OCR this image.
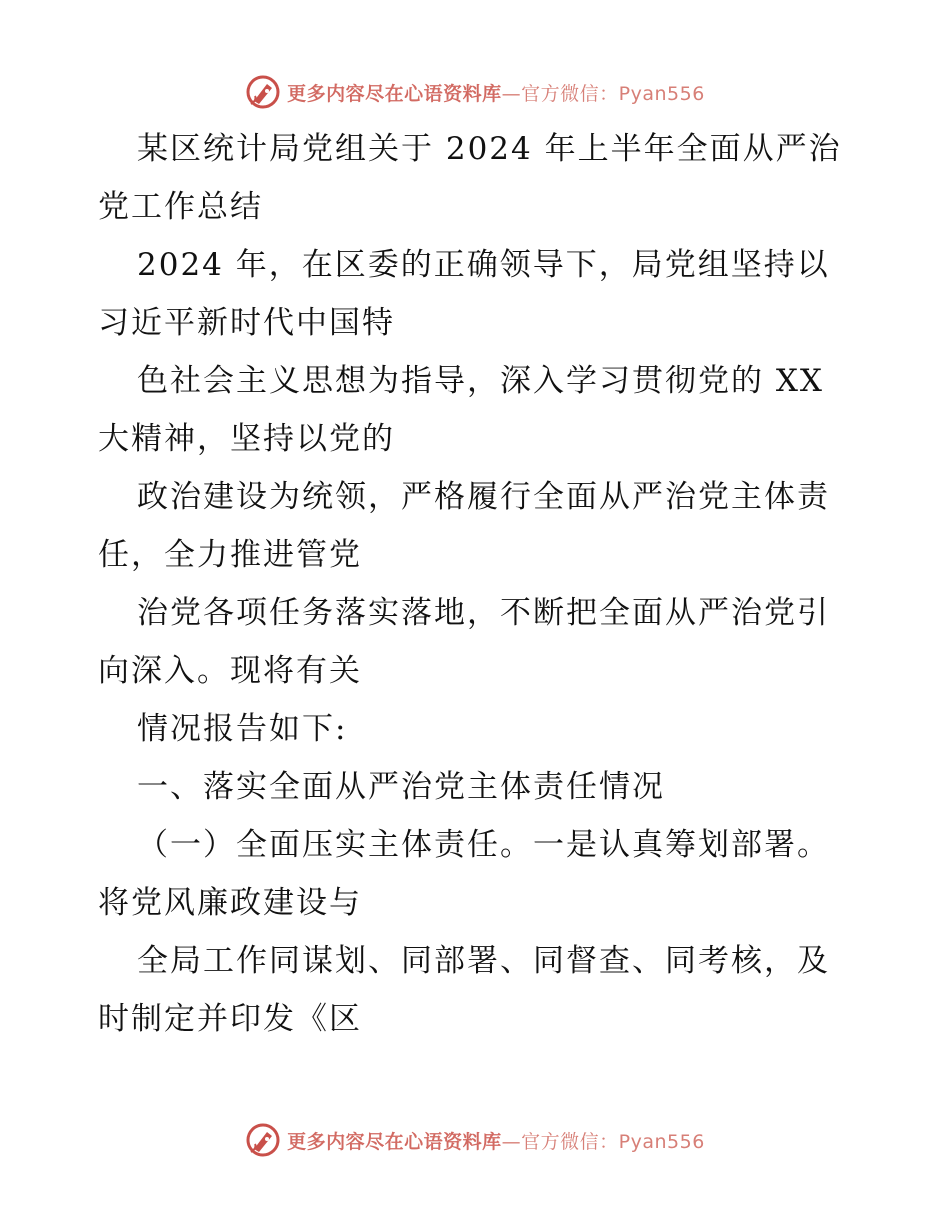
更多内容尽在心语资料库—官方微信：Pyan556

某区统计局党组关于 2024 年上半年全面从严治党工作总结

2024 年，在区委的正确领导下，局党组坚持以习近平新时代中国特

色社会主义思想为指导，深入学习贯彻党的 XX 大精神，坚持以党的

政治建设为统领，严格履行全面从严治党主体责任，全力推进管党

治党各项任务落实落地，不断把全面从严治党引向深入。现将有关

情况报告如下:

一、落实全面从严治党主体责任情况

（一）全面压实主体责任。一是认真筹划部署。将党风廉政建设与

全局工作同谋划、同部署、同督查、同考核，及时制定并印发《区

更多内容尽在心语资料库—官方微信：Pyan556
